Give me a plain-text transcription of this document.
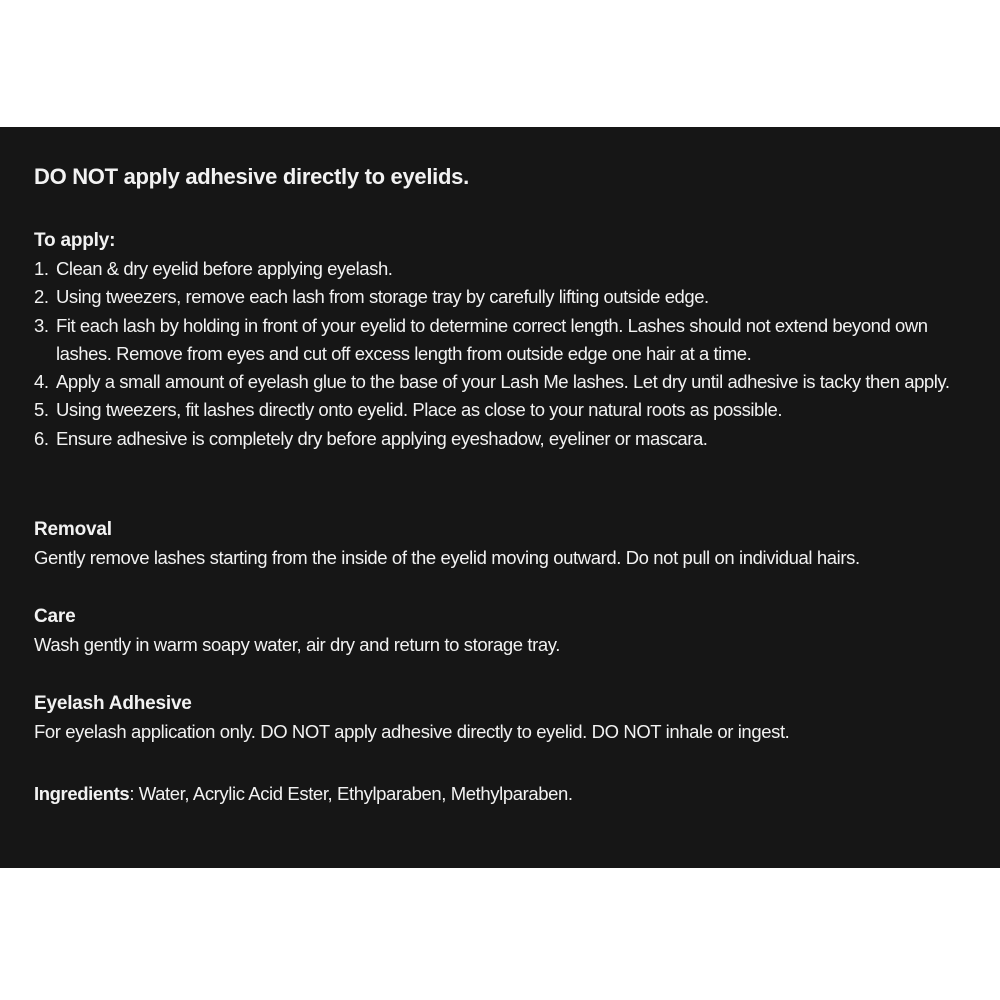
DO NOT apply adhesive directly to eyelids.
To apply:
1. Clean & dry eyelid before applying eyelash.
2. Using tweezers, remove each lash from storage tray by carefully lifting outside edge.
3. Fit each lash by holding in front of your eyelid to determine correct length. Lashes should not extend beyond own lashes. Remove from eyes and cut off excess length from outside edge one hair at a time.
4. Apply a small amount of eyelash glue to the base of your Lash Me lashes. Let dry until adhesive is tacky then apply.
5. Using tweezers, fit lashes directly onto eyelid. Place as close to your natural roots as possible.
6. Ensure adhesive is completely dry before applying eyeshadow, eyeliner or mascara.
Removal
Gently remove lashes starting from the inside of the eyelid moving outward. Do not pull on individual hairs.
Care
Wash gently in warm soapy water, air dry and return to storage tray.
Eyelash Adhesive
For eyelash application only. DO NOT apply adhesive directly to eyelid. DO NOT inhale or ingest.
Ingredients: Water, Acrylic Acid Ester, Ethylparaben, Methylparaben.
